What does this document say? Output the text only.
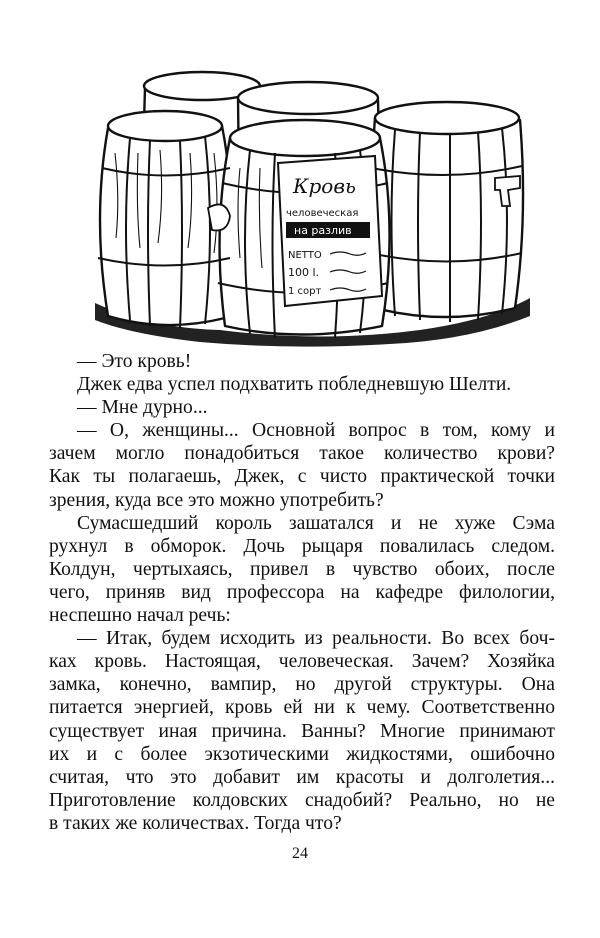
Кровь
человеческая
на разлив
NETTO
100 l.
1 сорт
— Это кровь!
Джек едва успел подхватить побледневшую Шелти.
— Мне дурно...
— О, женщины... Основной вопрос в том, кому и
зачем могло понадобиться такое количество крови?
Как ты полагаешь, Джек, с чисто практической точки
зрения, куда все это можно употребить?
Сумасшедший король зашатался и не хуже Сэма
рухнул в обморок. Дочь рыцаря повалилась следом.
Колдун, чертыхаясь, привел в чувство обоих, после
чего, приняв вид профессора на кафедре филологии,
неспешно начал речь:
— Итак, будем исходить из реальности. Во всех боч-
ках кровь. Настоящая, человеческая. Зачем? Хозяйка
замка, конечно, вампир, но другой структуры. Она
питается энергией, кровь ей ни к чему. Соответственно
существует иная причина. Ванны? Многие принимают
их и с более экзотическими жидкостями, ошибочно
считая, что это добавит им красоты и долголетия...
Приготовление колдовских снадобий? Реально, но не
в таких же количествах. Тогда что?
24
